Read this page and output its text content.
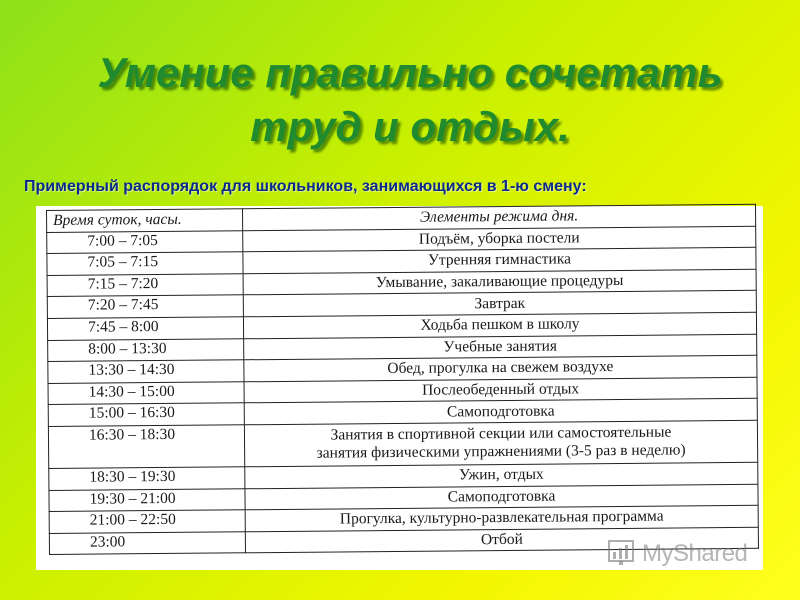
Умение правильно сочетать
труд и отдых.
Примерный распорядок для школьников, занимающихся в 1-ю смену:
Время суток, часы.	Элементы режима дня.
7:00 – 7:05	Подъём, уборка постели
7:05 – 7:15	Утренняя гимнастика
7:15 – 7:20	Умывание, закаливающие процедуры
7:20 – 7:45	Завтрак
7:45 – 8:00	Ходьба пешком в школу
8:00 – 13:30	Учебные занятия
13:30 – 14:30	Обед, прогулка на свежем воздухе
14:30 – 15:00	Послеобеденный отдых
15:00 – 16:30	Самоподготовка
16:30 – 18:30	Занятия в спортивной секции или самостоятельные
занятия физическими упражнениями (3-5 раз в неделю)

18:30 – 19:30	Ужин, отдых
19:30 – 21:00	Самоподготовка
21:00 – 22:50	Прогулка, культурно-развлекательная программа
23:00	Отбой
MyShared
